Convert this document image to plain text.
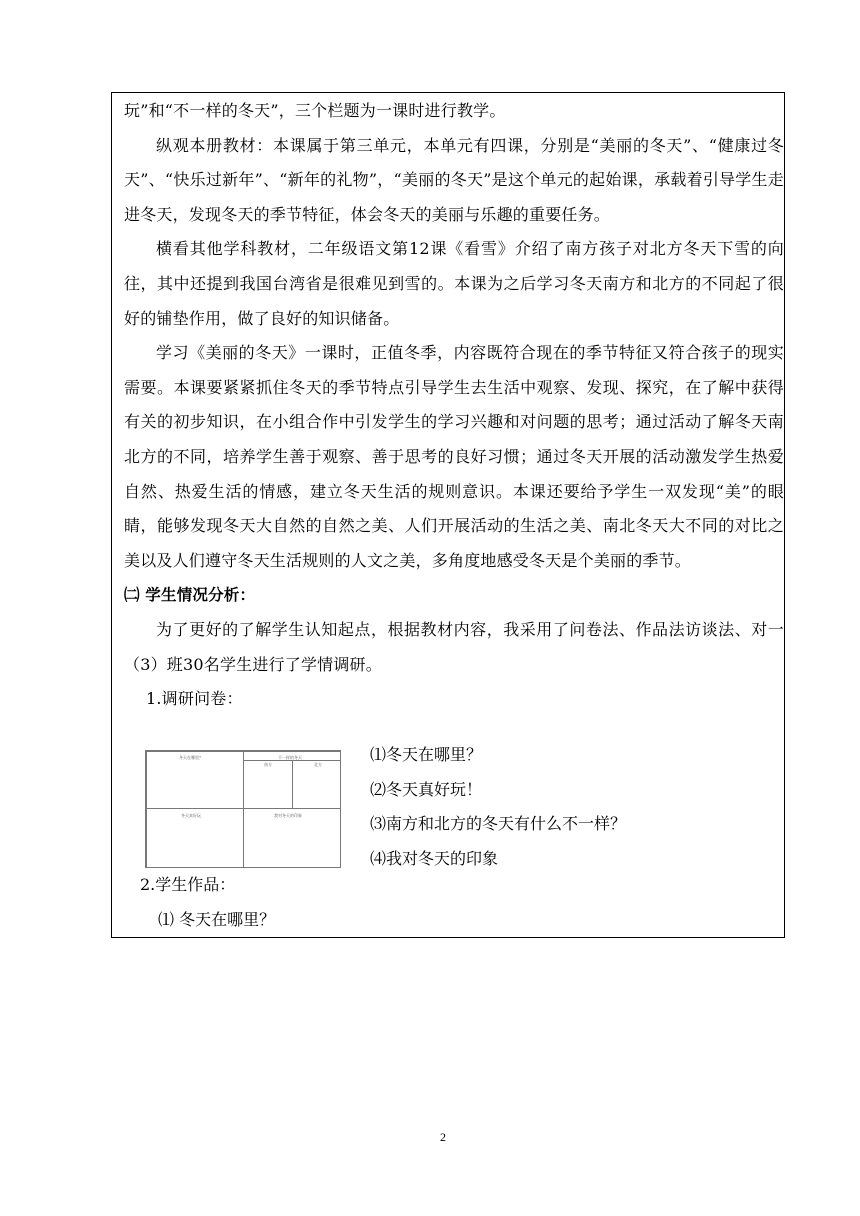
玩”和“不一样的冬天”，三个栏题为一课时进行教学。

纵观本册教材：本课属于第三单元，本单元有四课，分别是“美丽的冬天”、“健康过冬天”、“快乐过新年”、“新年的礼物”，“美丽的冬天”是这个单元的起始课，承载着引导学生走进冬天，发现冬天的季节特征，体会冬天的美丽与乐趣的重要任务。

横看其他学科教材，二年级语文第12课《看雪》介绍了南方孩子对北方冬天下雪的向往，其中还提到我国台湾省是很难见到雪的。本课为之后学习冬天南方和北方的不同起了很好的铺垫作用，做了良好的知识储备。

学习《美丽的冬天》一课时，正值冬季，内容既符合现在的季节特征又符合孩子的现实需要。本课要紧紧抓住冬天的季节特点引导学生去生活中观察、发现、探究，在了解中获得有关的初步知识，在小组合作中引发学生的学习兴趣和对问题的思考；通过活动了解冬天南北方的不同，培养学生善于观察、善于思考的良好习惯；通过冬天开展的活动激发学生热爱自然、热爱生活的情感，建立冬天生活的规则意识。本课还要给予学生一双发现“美”的眼睛，能够发现冬天大自然的自然之美、人们开展活动的生活之美、南北冬天大不同的对比之美以及人们遵守冬天生活规则的人文之美，多角度地感受冬天是个美丽的季节。

㈡ 学生情况分析：

为了更好的了解学生认知起点，根据教材内容，我采用了问卷法、作品法访谈法、对一（3）班30名学生进行了学情调研。

1.调研问卷：

冬天在哪里？	不一样的冬天
南方	北方
冬天真好玩	我对冬天的印象

⑴冬天在哪里？

⑵冬天真好玩！

⑶南方和北方的冬天有什么不一样？

⑷我对冬天的印象

2.学生作品：

⑴ 冬天在哪里？

2
